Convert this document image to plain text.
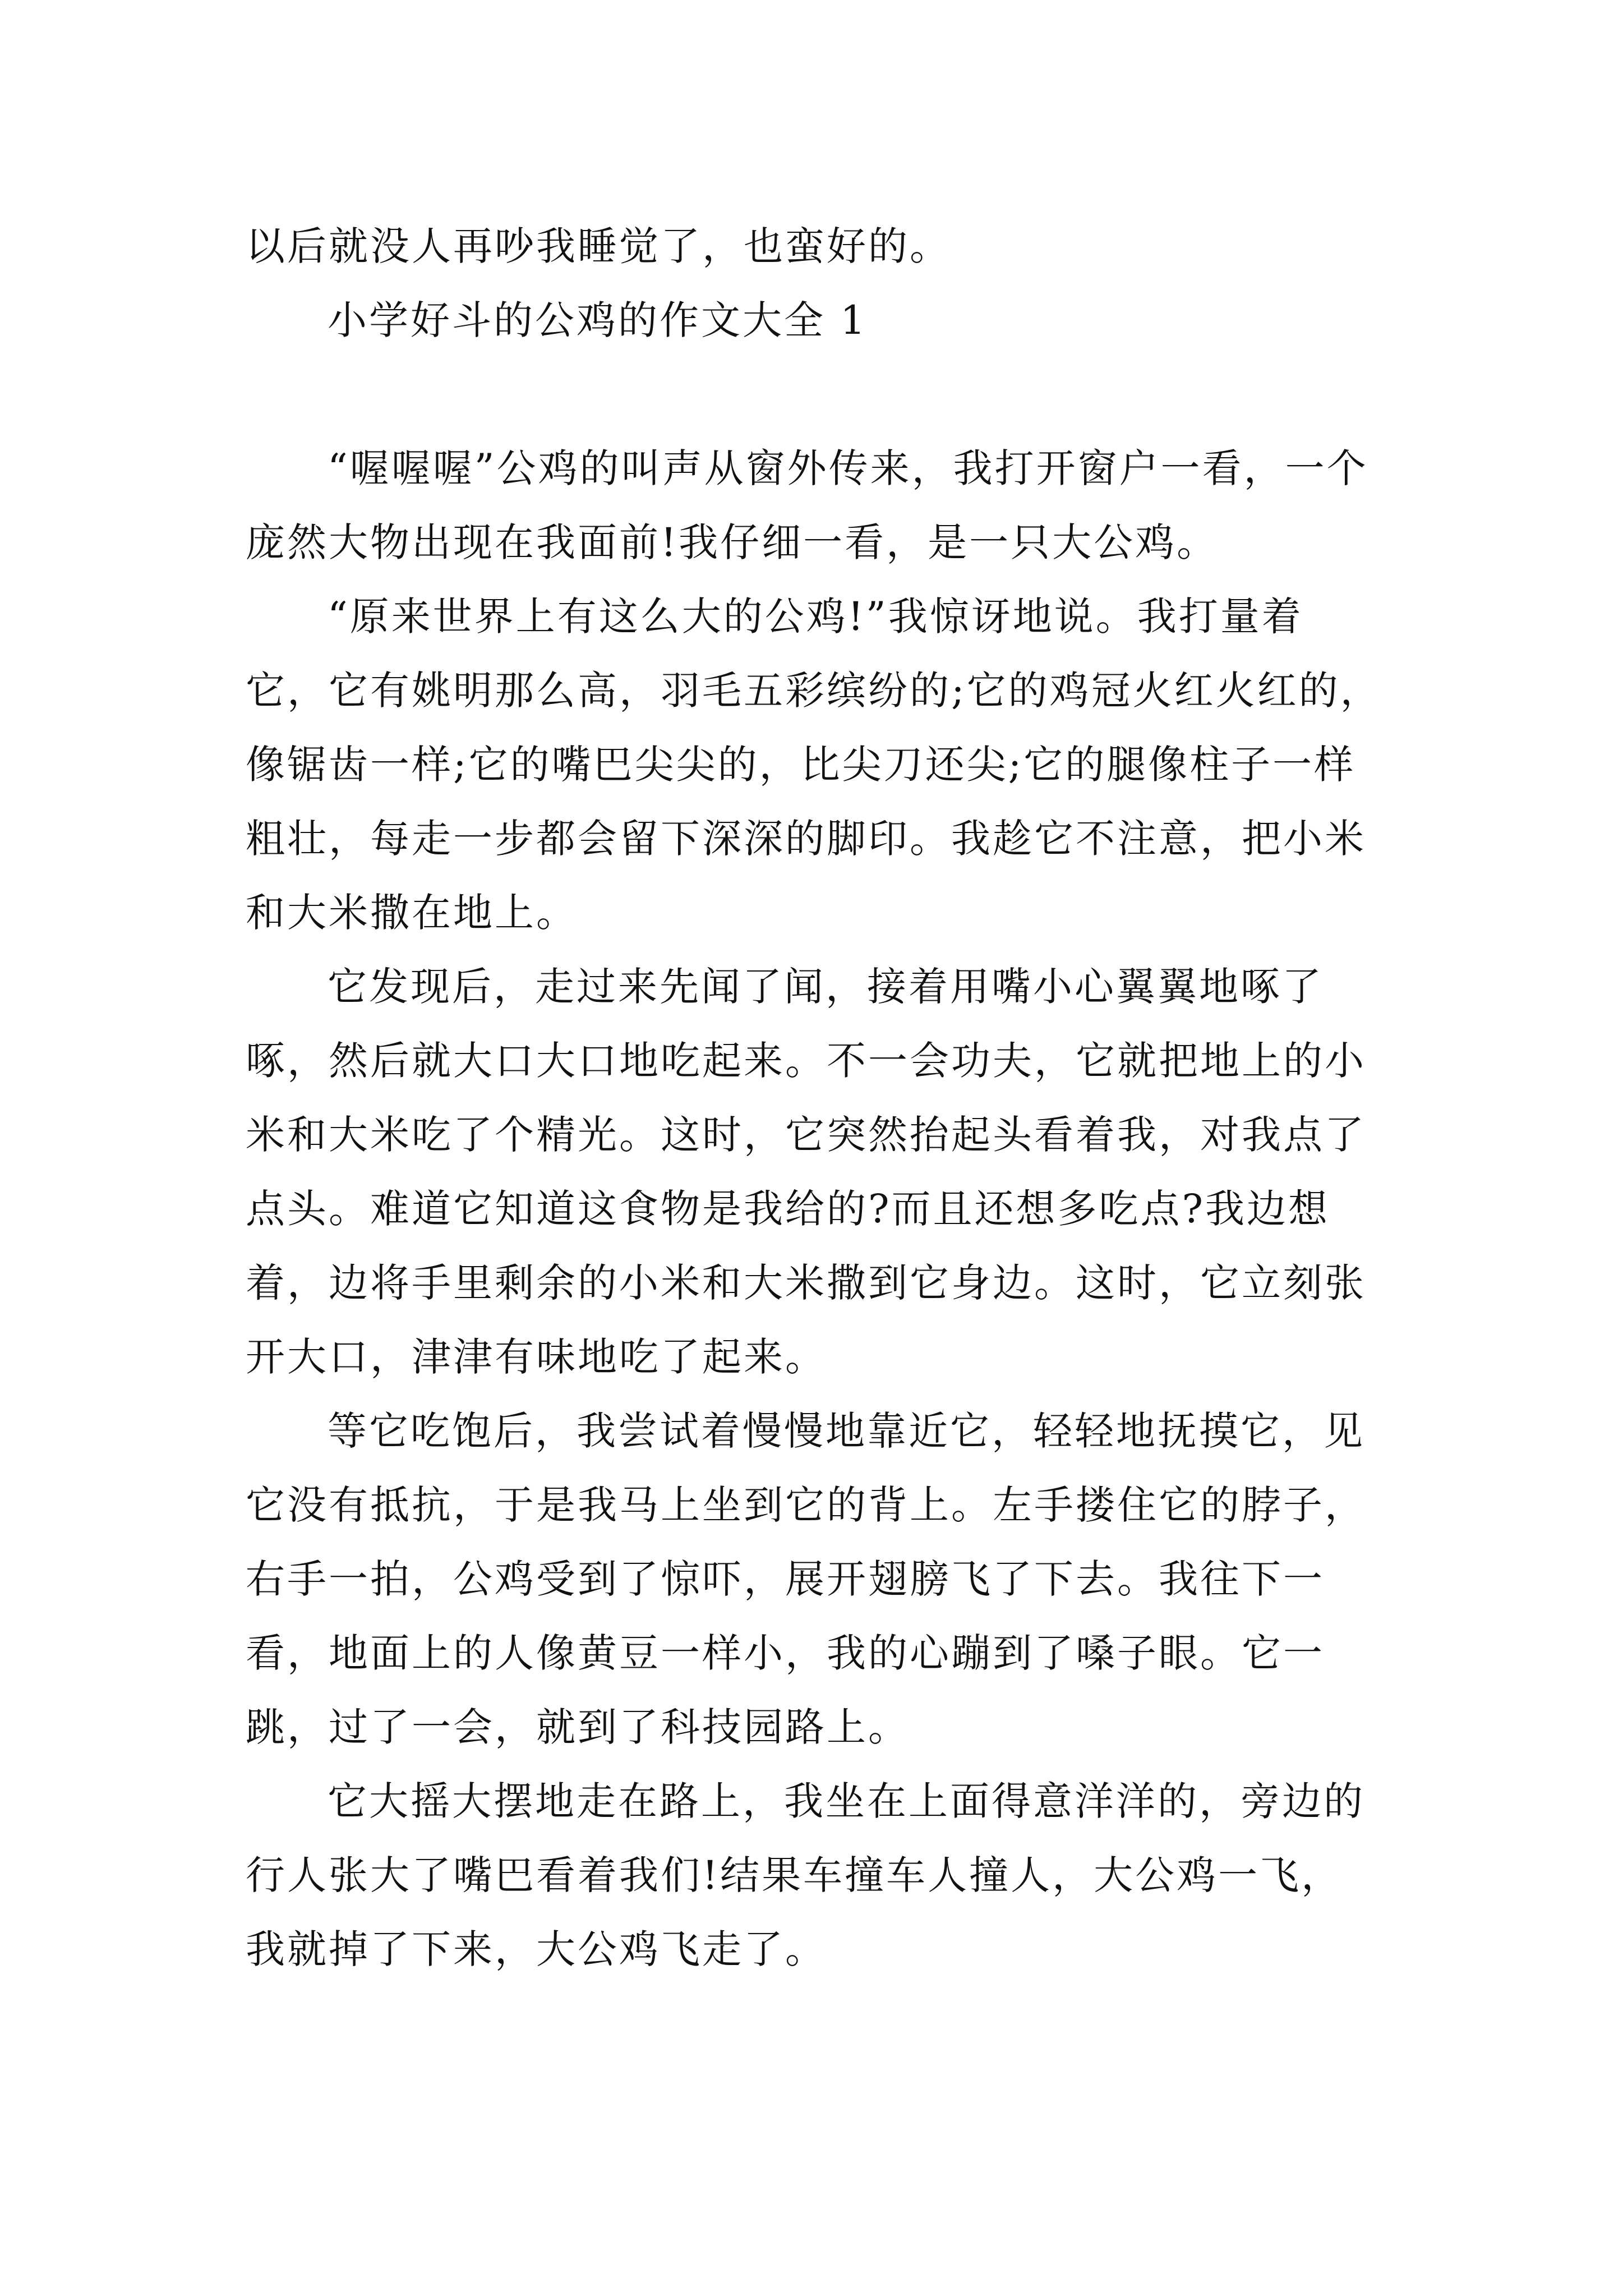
以后就没人再吵我睡觉了，也蛮好的。

小学好斗的公鸡的作文大全 1

“喔喔喔”公鸡的叫声从窗外传来，我打开窗户一看，一个庞然大物出现在我面前!我仔细一看，是一只大公鸡。

“原来世界上有这么大的公鸡!”我惊讶地说。我打量着它，它有姚明那么高，羽毛五彩缤纷的;它的鸡冠火红火红的，像锯齿一样;它的嘴巴尖尖的，比尖刀还尖;它的腿像柱子一样粗壮，每走一步都会留下深深的脚印。我趁它不注意，把小米和大米撒在地上。

它发现后，走过来先闻了闻，接着用嘴小心翼翼地啄了啄，然后就大口大口地吃起来。不一会功夫，它就把地上的小米和大米吃了个精光。这时，它突然抬起头看着我，对我点了点头。难道它知道这食物是我给的?而且还想多吃点?我边想着，边将手里剩余的小米和大米撒到它身边。这时，它立刻张开大口，津津有味地吃了起来。

等它吃饱后，我尝试着慢慢地靠近它，轻轻地抚摸它，见它没有抵抗，于是我马上坐到它的背上。左手搂住它的脖子，右手一拍，公鸡受到了惊吓，展开翅膀飞了下去。我往下一看，地面上的人像黄豆一样小，我的心蹦到了嗓子眼。它一跳，过了一会，就到了科技园路上。

它大摇大摆地走在路上，我坐在上面得意洋洋的，旁边的行人张大了嘴巴看着我们!结果车撞车人撞人，大公鸡一飞，我就掉了下来，大公鸡飞走了。
